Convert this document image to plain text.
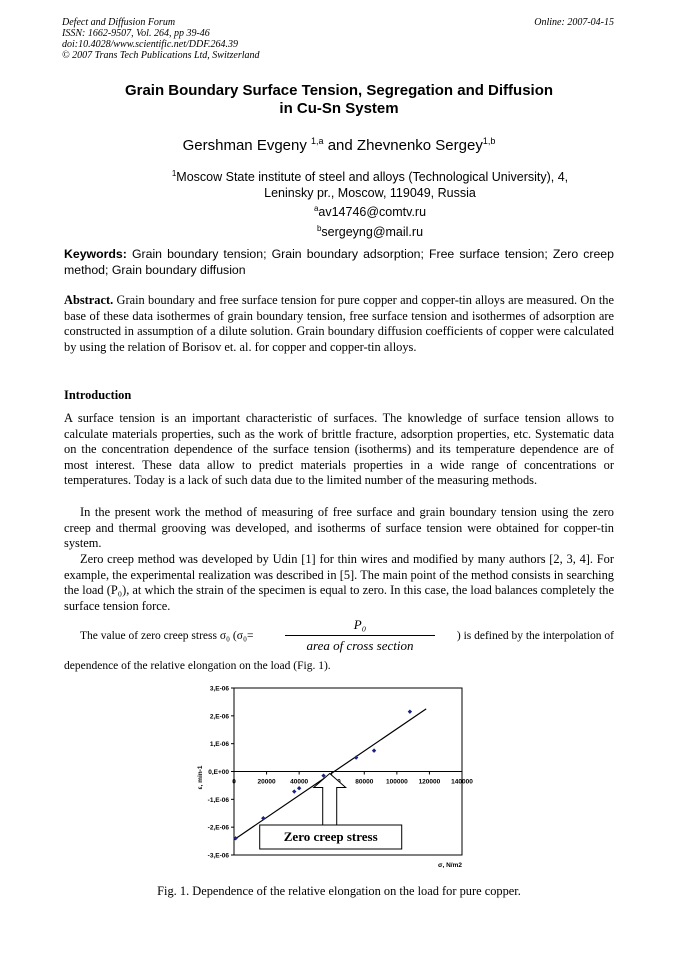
Defect and Diffusion Forum
ISSN: 1662-9507, Vol. 264, pp 39-46
doi:10.4028/www.scientific.net/DDF.264.39
© 2007 Trans Tech Publications Ltd, Switzerland
Online: 2007-04-15
Grain Boundary Surface Tension, Segregation and Diffusion
in Cu-Sn System
Gershman Evgeny $^{1,a}$ and Zhevnenko Sergey$^{1,b}$
$^1$Moscow State institute of steel and alloys (Technological University), 4,
Leninsky pr., Moscow, 119049, Russia
$^a$av14746@comtv.ru
$^b$sergeyng@mail.ru
Keywords: Grain boundary tension; Grain boundary adsorption; Free surface tension; Zero creep method; Grain boundary diffusion
Abstract. Grain boundary and free surface tension for pure copper and copper-tin alloys are measured. On the base of these data isothermes of grain boundary tension, free surface tension and isothermes of adsorption are constructed in assumption of a dilute solution. Grain boundary diffusion coefficients of copper were calculated by using the relation of Borisov et. al. for copper and copper-tin alloys.
Introduction
A surface tension is an important characteristic of surfaces. The knowledge of surface tension allows to calculate materials properties, such as the work of brittle fracture, adsorption properties, etc. Systematic data on the concentration dependence of the surface tension (isotherms) and its temperature dependence are of most interest. These data allow to predict materials properties in a wide range of concentrations or temperatures. Today is a lack of such data due to the limited number of the measuring methods.
In the present work the method of measuring of free surface and grain boundary tension using the zero creep and thermal grooving was developed, and isotherms of surface tension were obtained for copper-tin system.
Zero creep method was developed by Udin [1] for thin wires and modified by many authors [2, 3, 4]. For example, the experimental realization was described in [5]. The main point of the method consists in searching the load (P₀), at which the strain of the specimen is equal to zero. In this case, the load balances completely the surface tension force.
The value of zero creep stress σ₀ (σ₀=
P₀
area of cross section
) is defined by the interpolation of
dependence of the relative elongation on the load (Fig. 1).
3,E-06
2,E-06
1,E-06
0,E+00
-1,E-06
-2,E-06
-3,E-06
0	20000 40000	80000 100000 120000 140000
ε, min-1
σ, N/m2
Zero creep stress
Fig. 1. Dependence of the relative elongation on the load for pure copper.
